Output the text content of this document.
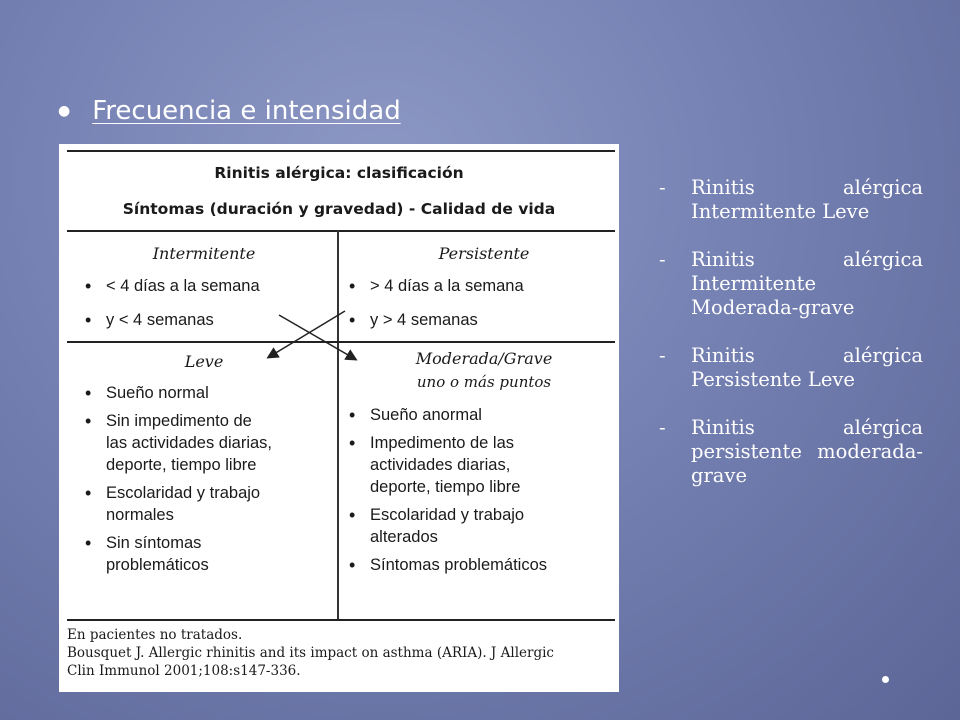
● Frecuencia e intensidad
Rinitis alérgica: clasificación
Síntomas (duración y gravedad) - Calidad de vida
Intermitente	Persistente
• < 4 días a la semana
• y < 4 semanas
• > 4 días a la semana
• y > 4 semanas
Leve	Moderada/Grave
uno o más puntos
• Sueño normal
• Sin impedimento de
las actividades diarias,
deporte, tiempo libre
• Escolaridad y trabajo
normales
• Sin síntomas
problemáticos
• Sueño anormal
• Impedimento de las
actividades diarias,
deporte, tiempo libre
• Escolaridad y trabajo
alterados
• Síntomas problemáticos
En pacientes no tratados.
Bousquet J. Allergic rhinitis and its impact on asthma (ARIA). J Allergic
Clin Immunol 2001;108:s147-336.
- Rinitis alérgica Intermitente Leve
- Rinitis alérgica Intermitente Moderada-grave
- Rinitis alérgica Persistente Leve
- Rinitis alérgica persistente moderada-grave
